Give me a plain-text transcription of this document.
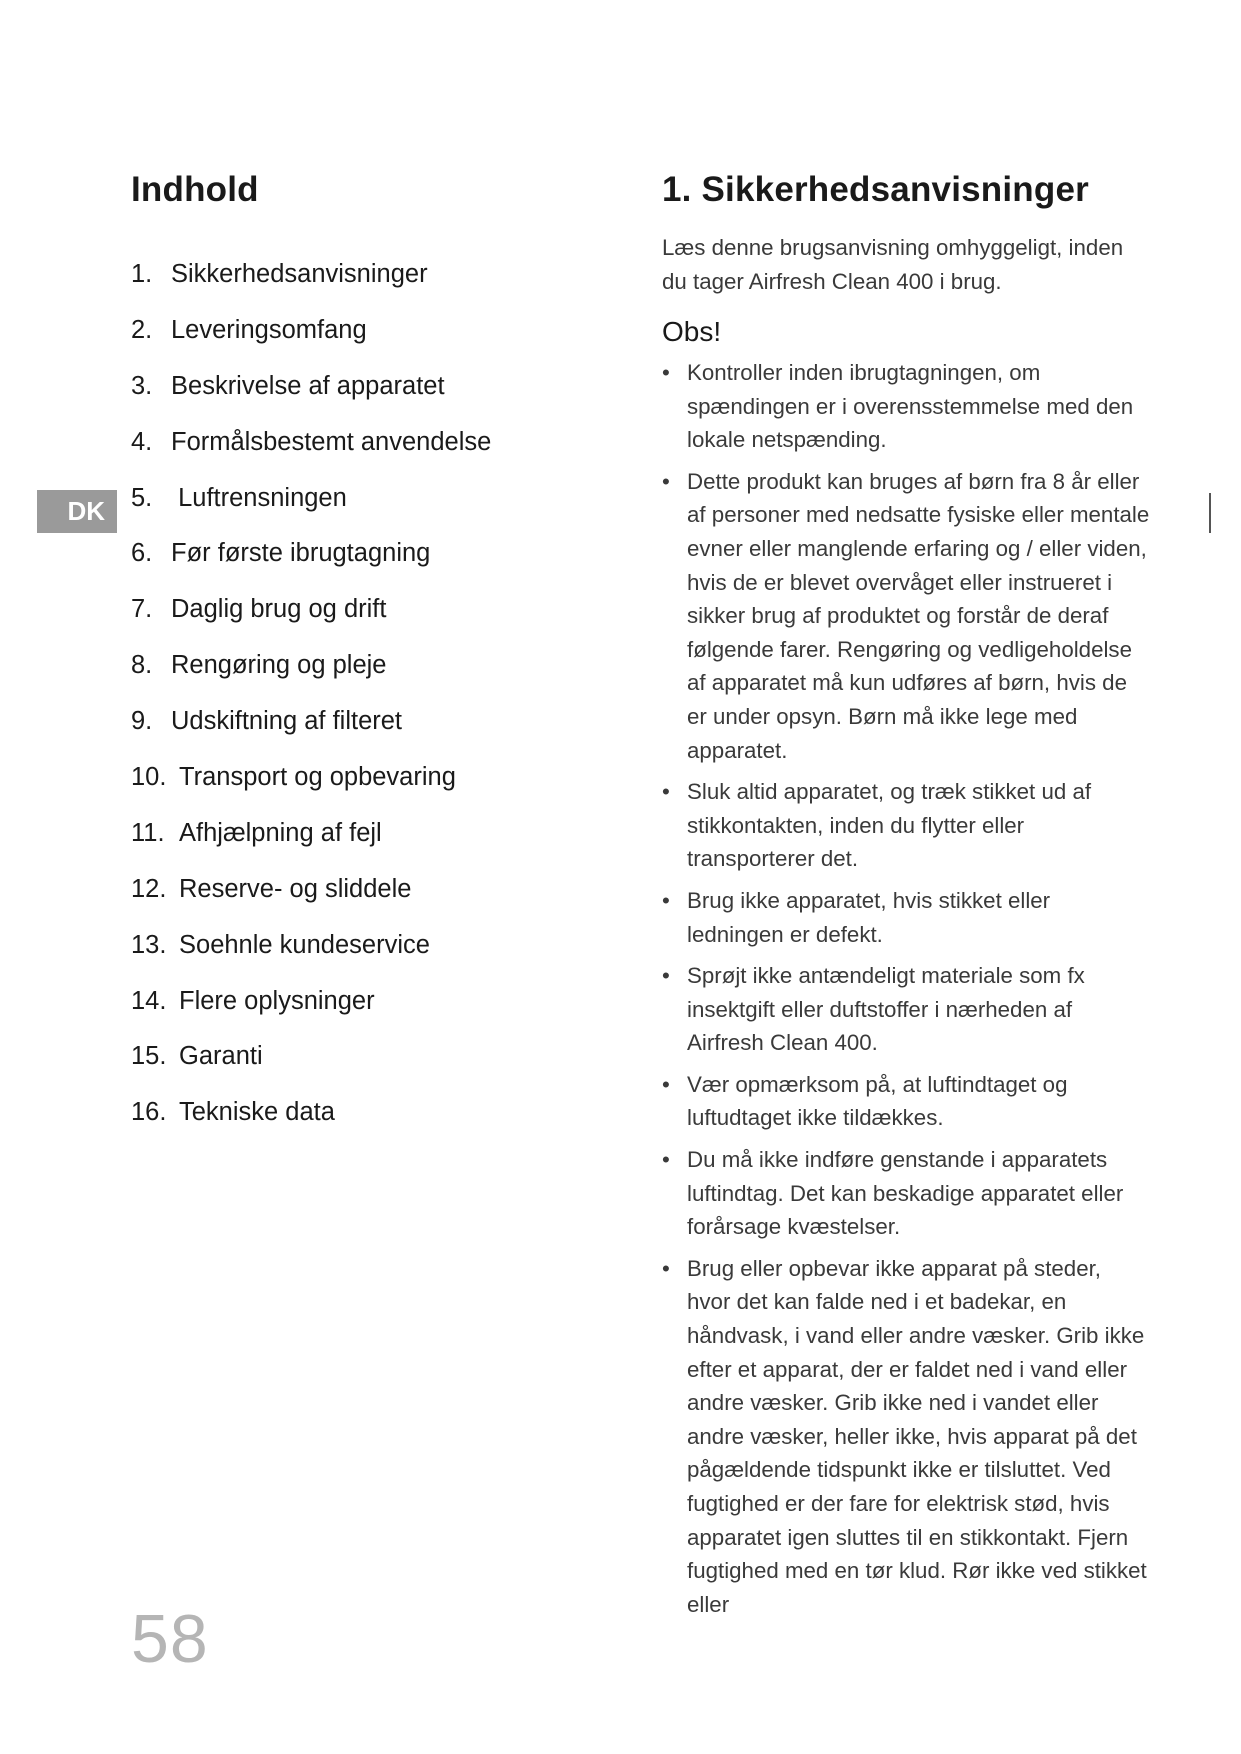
Indhold
1. Sikkerhedsanvisninger
2. Leveringsomfang
3. Beskrivelse af apparatet
4. Formålsbestemt anvendelse
5. Luftrensningen
6. Før første ibrugtagning
7. Daglig brug og drift
8. Rengøring og pleje
9. Udskiftning af filteret
10. Transport og opbevaring
11. Afhjælpning af fejl
12. Reserve- og sliddele
13. Soehnle kundeservice
14. Flere oplysninger
15. Garanti
16. Tekniske data
DK
1. Sikkerhedsanvisninger

Læs denne brugsanvisning omhyggeligt, inden du tager Airfresh Clean 400 i brug.

Obs!
• Kontroller inden ibrugtagningen, om spændingen er i overensstemmelse med den lokale netspænding.
• Dette produkt kan bruges af børn fra 8 år eller af personer med nedsatte fysiske eller mentale evner eller manglende erfaring og / eller viden, hvis de er blevet overvåget eller instrueret i sikker brug af produktet og forstår de deraf følgende farer. Rengøring og vedligeholdelse af apparatet må kun udføres af børn, hvis de er under opsyn. Børn må ikke lege med apparatet.
• Sluk altid apparatet, og træk stikket ud af stikkontakten, inden du flytter eller transporterer det.
• Brug ikke apparatet, hvis stikket eller ledningen er defekt.
• Sprøjt ikke antændeligt materiale som fx insektgift eller duftstoffer i nærheden af Airfresh Clean 400.
• Vær opmærksom på, at luftindtaget og luftudtaget ikke tildækkes.
• Du må ikke indføre genstande i apparatets luftindtag. Det kan beskadige apparatet eller forårsage kvæstelser.
• Brug eller opbevar ikke apparat på steder, hvor det kan falde ned i et badekar, en håndvask, i vand eller andre væsker. Grib ikke efter et apparat, der er faldet ned i vand eller andre væsker. Grib ikke ned i vandet eller andre væsker, heller ikke, hvis apparat på det pågældende tidspunkt ikke er tilsluttet. Ved fugtighed er der fare for elektrisk stød, hvis apparatet igen sluttes til en stikkontakt. Fjern fugtighed med en tør klud. Rør ikke ved stikket eller

58
